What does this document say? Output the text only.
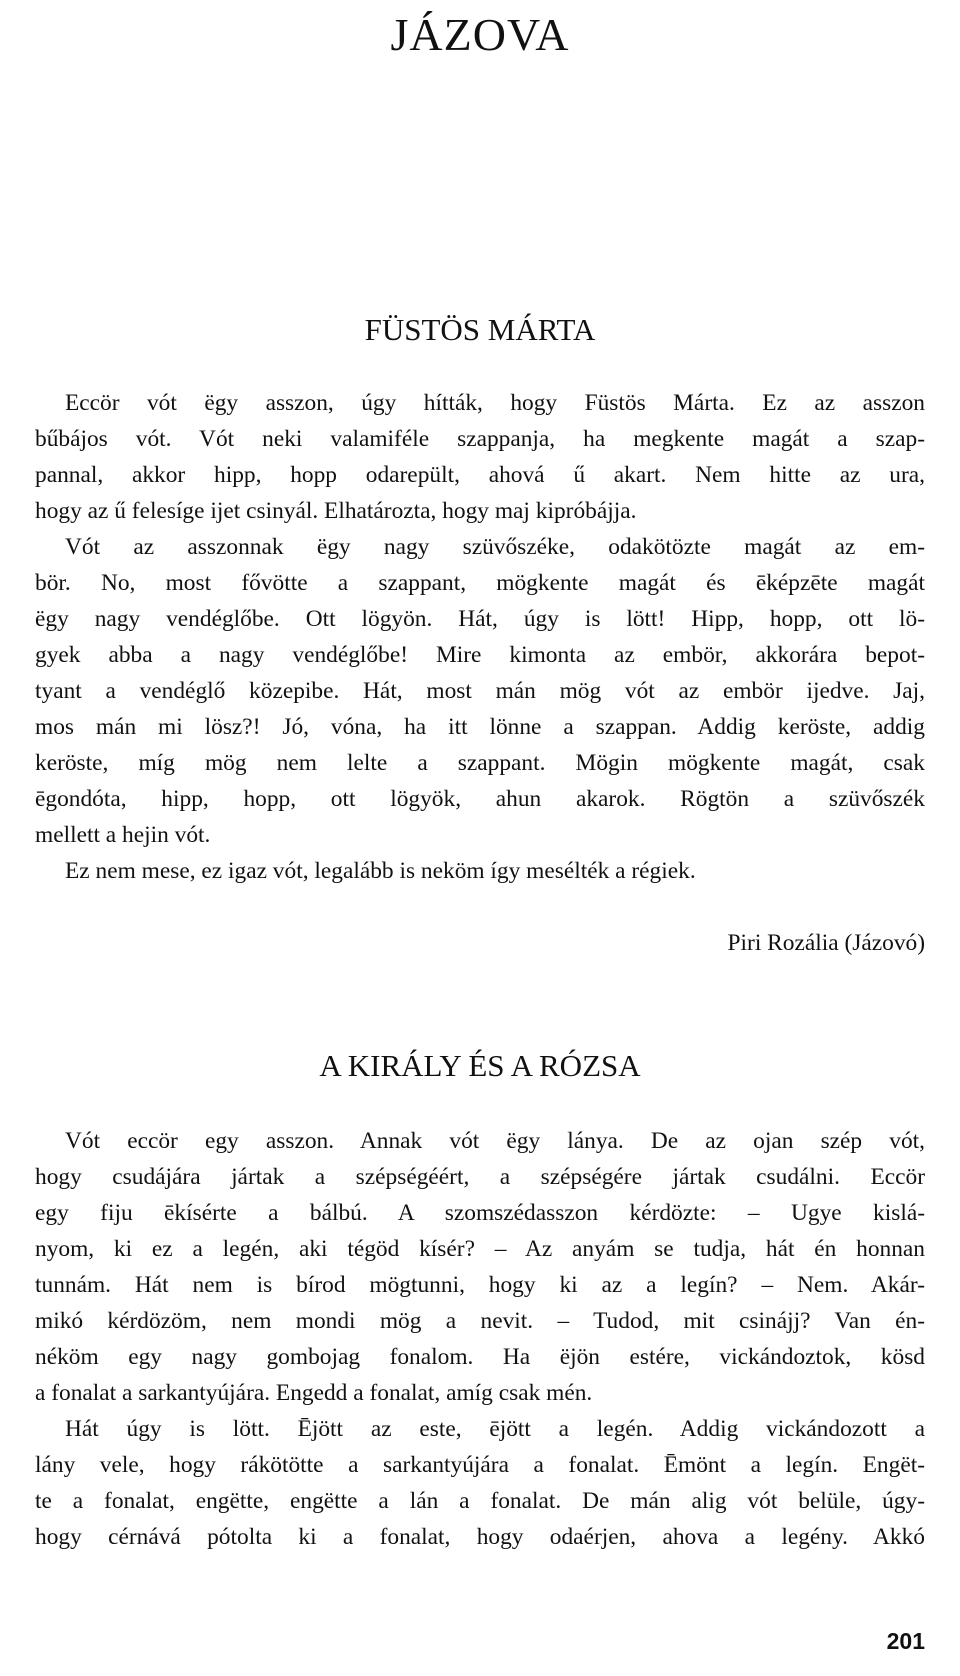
JÁZOVA
FÜSTÖS MÁRTA
Eccör vót ëgy asszon, úgy hítták, hogy Füstös Márta. Ez az asszon
bűbájos vót. Vót neki valamiféle szappanja, ha megkente magát a szap-
pannal, akkor hipp, hopp odarepült, ahová ű akart. Nem hitte az ura,
hogy az ű felesíge ijet csinyál. Elhatározta, hogy maj kipróbájja.
Vót az asszonnak ëgy nagy szüvőszéke, odakötözte magát az em-
bör. No, most fővötte a szappant, mögkente magát és ēképzēte magát
ëgy nagy vendéglőbe. Ott lögyön. Hát, úgy is lött! Hipp, hopp, ott lö-
gyek abba a nagy vendéglőbe! Mire kimonta az embör, akkorára bepot-
tyant a vendéglő közepibe. Hát, most mán mög vót az embör ijedve. Jaj,
mos mán mi lösz?! Jó, vóna, ha itt lönne a szappan. Addig keröste, addig
keröste, míg mög nem lelte a szappant. Mögin mögkente magát, csak
ēgondóta, hipp, hopp, ott lögyök, ahun akarok. Rögtön a szüvőszék
mellett a hejin vót.
Ez nem mese, ez igaz vót, legalább is neköm így mesélték a régiek.
Piri Rozália (Jázovó)
A KIRÁLY ÉS A RÓZSA
Vót eccör egy asszon. Annak vót ëgy lánya. De az ojan szép vót,
hogy csudájára jártak a szépségéért, a szépségére jártak csudálni. Eccör
egy fiju ēkísérte a bálbú. A szomszédasszon kérdözte: – Ugye kislá-
nyom, ki ez a legén, aki tégöd kísér? – Az anyám se tudja, hát én honnan
tunnám. Hát nem is bírod mögtunni, hogy ki az a legín? – Nem. Akár-
mikó kérdözöm, nem mondi mög a nevit. – Tudod, mit csinájj? Van én-
néköm egy nagy gombojag fonalom. Ha ëjön estére, vickándoztok, kösd
a fonalat a sarkantyújára. Engedd a fonalat, amíg csak mén.
Hát úgy is lött. Ējött az este, ējött a legén. Addig vickándozott a
lány vele, hogy rákötötte a sarkantyújára a fonalat. Ēmönt a legín. Engët-
te a fonalat, engëtte, engëtte a lán a fonalat. De mán alig vót belüle, úgy-
hogy cérnává pótolta ki a fonalat, hogy odaérjen, ahova a legény. Akkó
201
